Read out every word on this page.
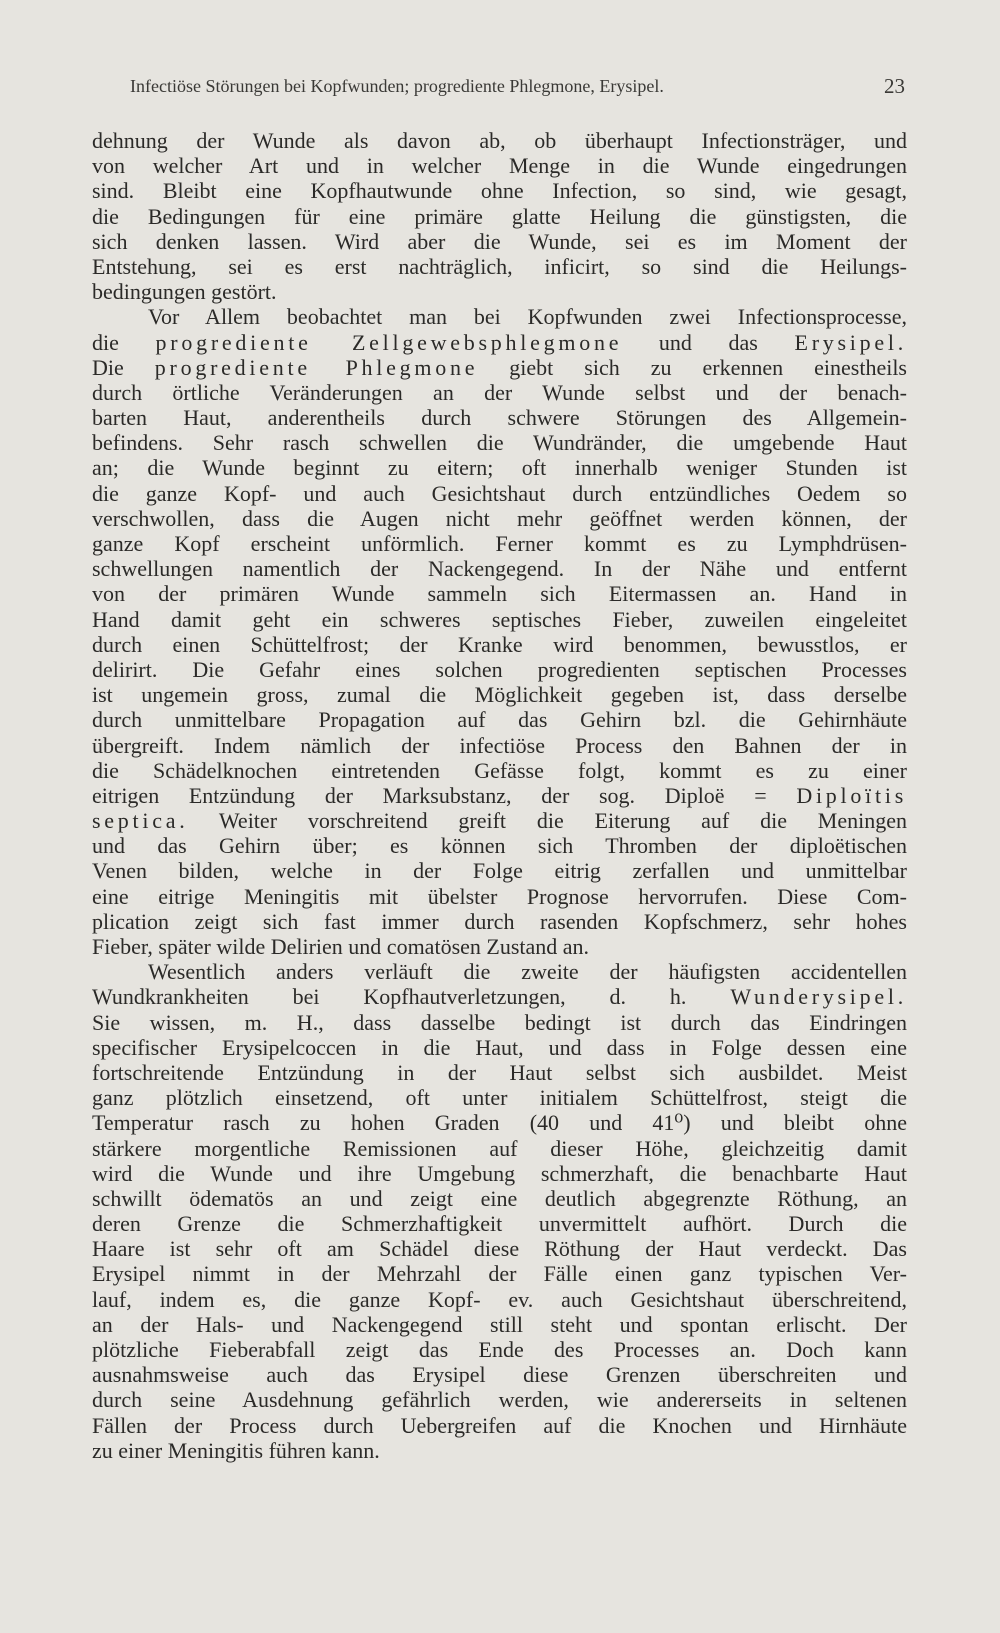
Infectiöse Störungen bei Kopfwunden; progrediente Phlegmone, Erysipel.	23
dehnung der Wunde als davon ab, ob überhaupt Infectionsträger, und
von welcher Art und in welcher Menge in die Wunde eingedrungen
sind. Bleibt eine Kopfhautwunde ohne Infection, so sind, wie gesagt,
die Bedingungen für eine primäre glatte Heilung die günstigsten, die
sich denken lassen. Wird aber die Wunde, sei es im Moment der
Entstehung, sei es erst nachträglich, inficirt, so sind die Heilungs-
bedingungen gestört.
Vor Allem beobachtet man bei Kopfwunden zwei Infectionsprocesse,
die progrediente Zellgewebsphlegmone und das Erysipel.
Die progrediente Phlegmone giebt sich zu erkennen einestheils
durch örtliche Veränderungen an der Wunde selbst und der benach-
barten Haut, anderentheils durch schwere Störungen des Allgemein-
befindens. Sehr rasch schwellen die Wundränder, die umgebende Haut
an; die Wunde beginnt zu eitern; oft innerhalb weniger Stunden ist
die ganze Kopf- und auch Gesichtshaut durch entzündliches Oedem so
verschwollen, dass die Augen nicht mehr geöffnet werden können, der
ganze Kopf erscheint unförmlich. Ferner kommt es zu Lymphdrüsen-
schwellungen namentlich der Nackengegend. In der Nähe und entfernt
von der primären Wunde sammeln sich Eitermassen an. Hand in
Hand damit geht ein schweres septisches Fieber, zuweilen eingeleitet
durch einen Schüttelfrost; der Kranke wird benommen, bewusstlos, er
delirirt. Die Gefahr eines solchen progredienten septischen Processes
ist ungemein gross, zumal die Möglichkeit gegeben ist, dass derselbe
durch unmittelbare Propagation auf das Gehirn bzl. die Gehirnhäute
übergreift. Indem nämlich der infectiöse Process den Bahnen der in
die Schädelknochen eintretenden Gefässe folgt, kommt es zu einer
eitrigen Entzündung der Marksubstanz, der sog. Diploë = Diploïtis
septica. Weiter vorschreitend greift die Eiterung auf die Meningen
und das Gehirn über; es können sich Thromben der diploëtischen
Venen bilden, welche in der Folge eitrig zerfallen und unmittelbar
eine eitrige Meningitis mit übelster Prognose hervorrufen. Diese Com-
plication zeigt sich fast immer durch rasenden Kopfschmerz, sehr hohes
Fieber, später wilde Delirien und comatösen Zustand an.
Wesentlich anders verläuft die zweite der häufigsten accidentellen
Wundkrankheiten bei Kopfhautverletzungen, d. h. Wunderysipel.
Sie wissen, m. H., dass dasselbe bedingt ist durch das Eindringen
specifischer Erysipelcoccen in die Haut, und dass in Folge dessen eine
fortschreitende Entzündung in der Haut selbst sich ausbildet. Meist
ganz plötzlich einsetzend, oft unter initialem Schüttelfrost, steigt die
Temperatur rasch zu hohen Graden (40 und 41⁰) und bleibt ohne
stärkere morgentliche Remissionen auf dieser Höhe, gleichzeitig damit
wird die Wunde und ihre Umgebung schmerzhaft, die benachbarte Haut
schwillt ödematös an und zeigt eine deutlich abgegrenzte Röthung, an
deren Grenze die Schmerzhaftigkeit unvermittelt aufhört. Durch die
Haare ist sehr oft am Schädel diese Röthung der Haut verdeckt. Das
Erysipel nimmt in der Mehrzahl der Fälle einen ganz typischen Ver-
lauf, indem es, die ganze Kopf- ev. auch Gesichtshaut überschreitend,
an der Hals- und Nackengegend still steht und spontan erlischt. Der
plötzliche Fieberabfall zeigt das Ende des Processes an. Doch kann
ausnahmsweise auch das Erysipel diese Grenzen überschreiten und
durch seine Ausdehnung gefährlich werden, wie andererseits in seltenen
Fällen der Process durch Uebergreifen auf die Knochen und Hirnhäute
zu einer Meningitis führen kann.
